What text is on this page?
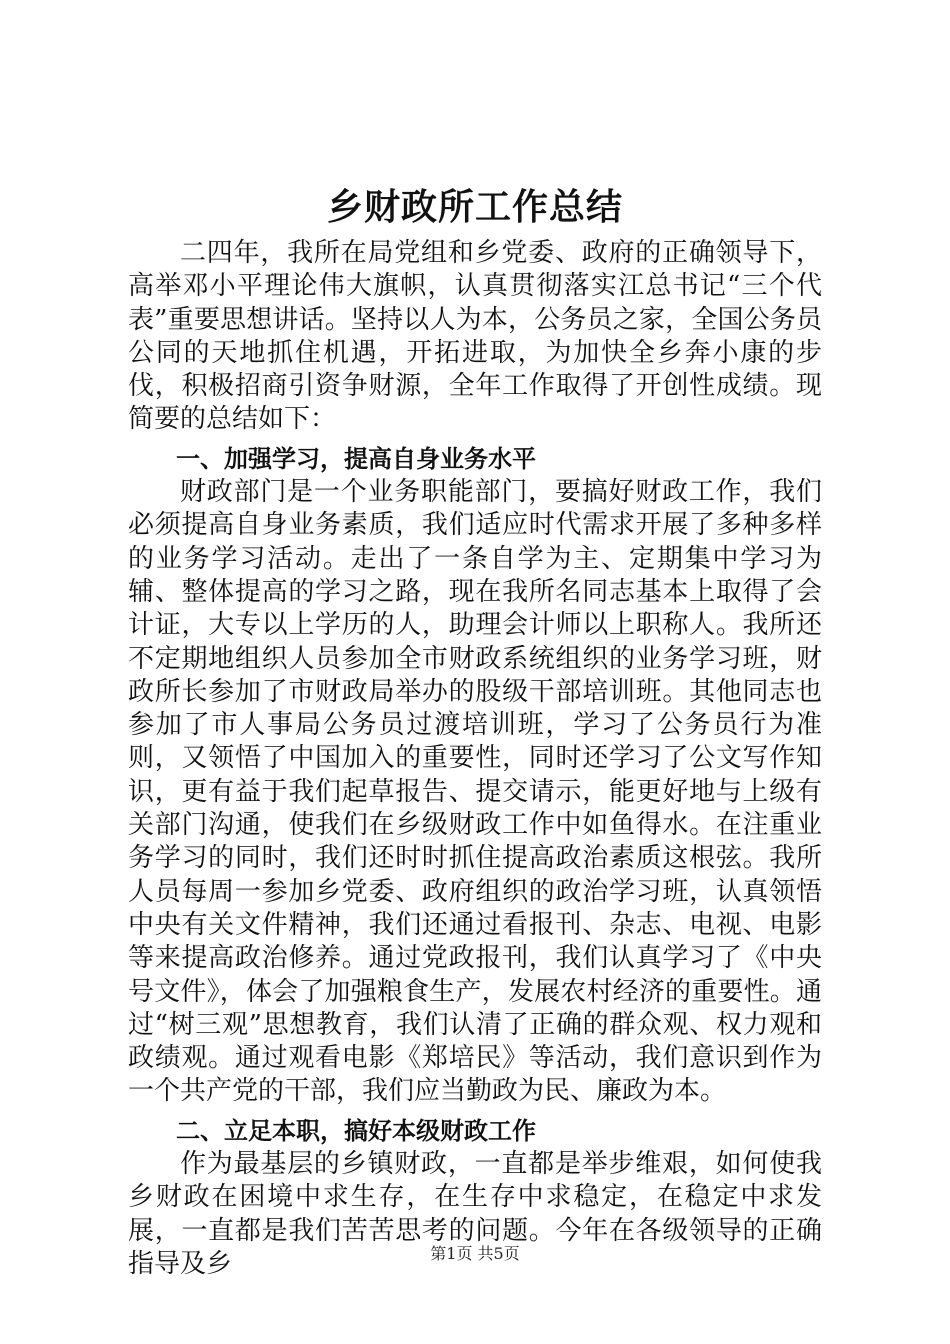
乡财政所工作总结

二四年，我所在局党组和乡党委、政府的正确领导下，高举邓小平理论伟大旗帜，认真贯彻落实江总书记“三个代表”重要思想讲话。坚持以人为本，公务员之家，全国公务员公同的天地抓住机遇，开拓进取，为加快全乡奔小康的步伐，积极招商引资争财源，全年工作取得了开创性成绩。现简要的总结如下：

一、加强学习，提高自身业务水平

财政部门是一个业务职能部门，要搞好财政工作，我们必须提高自身业务素质，我们适应时代需求开展了多种多样的业务学习活动。走出了一条自学为主、定期集中学习为辅、整体提高的学习之路，现在我所名同志基本上取得了会计证，大专以上学历的人，助理会计师以上职称人。我所还不定期地组织人员参加全市财政系统组织的业务学习班，财政所长参加了市财政局举办的股级干部培训班。其他同志也参加了市人事局公务员过渡培训班，学习了公务员行为准则，又领悟了中国加入的重要性，同时还学习了公文写作知识，更有益于我们起草报告、提交请示，能更好地与上级有关部门沟通，使我们在乡级财政工作中如鱼得水。在注重业务学习的同时，我们还时时抓住提高政治素质这根弦。我所人员每周一参加乡党委、政府组织的政治学习班，认真领悟中央有关文件精神，我们还通过看报刊、杂志、电视、电影等来提高政治修养。通过党政报刊，我们认真学习了《中央号文件》，体会了加强粮食生产，发展农村经济的重要性。通过“树三观”思想教育，我们认清了正确的群众观、权力观和政绩观。通过观看电影《郑培民》等活动，我们意识到作为一个共产党的干部，我们应当勤政为民、廉政为本。

二、立足本职，搞好本级财政工作

作为最基层的乡镇财政，一直都是举步维艰，如何使我乡财政在困境中求生存，在生存中求稳定，在稳定中求发展，一直都是我们苦苦思考的问题。今年在各级领导的正确指导及乡	第1页 共5页
